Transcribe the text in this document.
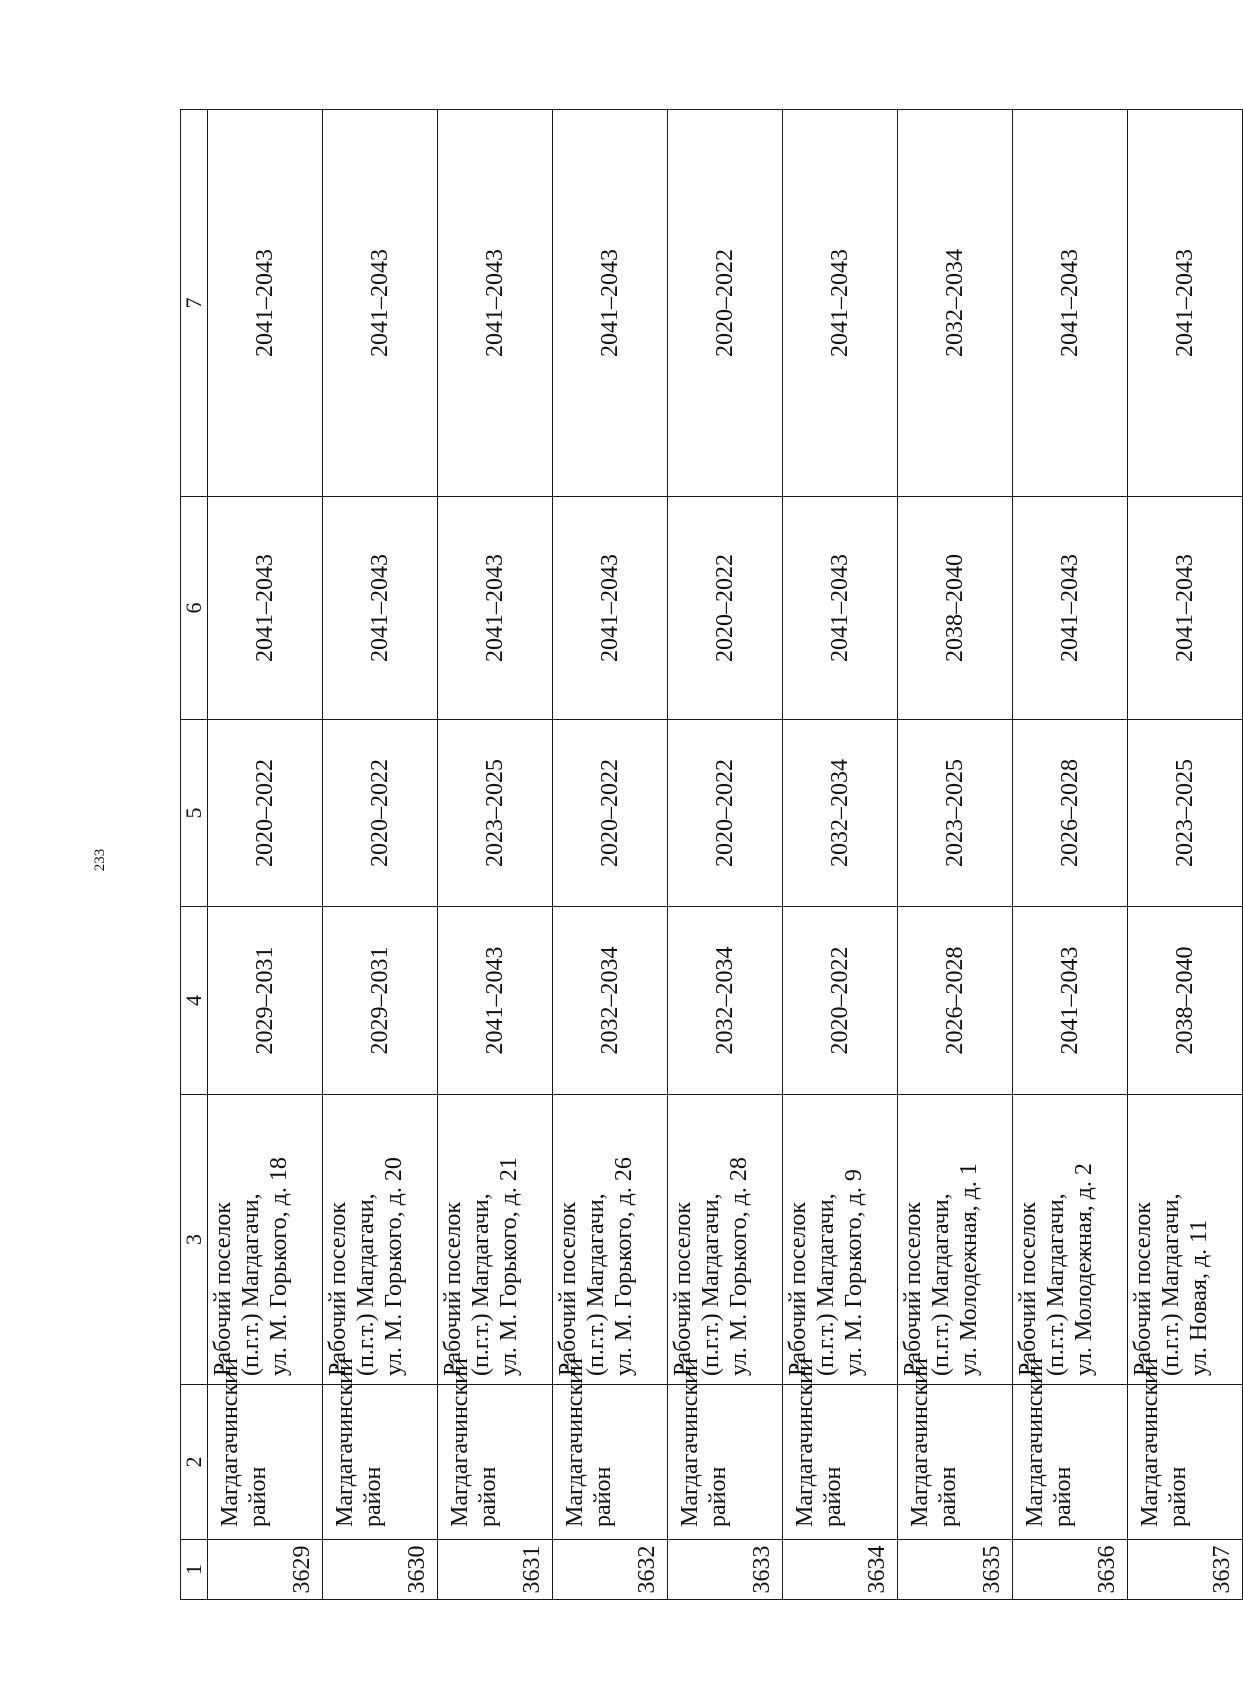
233
1	2	3	4	5	6	7

3629	Магдагачинский район	Рабочий поселок (п.г.т.) Магдагачи, ул. М. Горького, д. 18	2029–2031	2020–2022	2041–2043	2041–2043

3630	Магдагачинский район	Рабочий поселок (п.г.т.) Магдагачи, ул. М. Горького, д. 20	2029–2031	2020–2022	2041–2043	2041–2043

3631	Магдагачинский район	Рабочий поселок (п.г.т.) Магдагачи, ул. М. Горького, д. 21	2041–2043	2023–2025	2041–2043	2041–2043

3632	Магдагачинский район	Рабочий поселок (п.г.т.) Магдагачи, ул. М. Горького, д. 26	2032–2034	2020–2022	2041–2043	2041–2043

3633	Магдагачинский район	Рабочий поселок (п.г.т.) Магдагачи, ул. М. Горького, д. 28	2032–2034	2020–2022	2020–2022	2020–2022

3634	Магдагачинский район	Рабочий поселок (п.г.т.) Магдагачи, ул. М. Горького, д. 9	2020–2022	2032–2034	2041–2043	2041–2043

3635	Магдагачинский район	Рабочий поселок (п.г.т.) Магдагачи, ул. Молодежная, д. 1	2026–2028	2023–2025	2038–2040	2032–2034

3636	Магдагачинский район	Рабочий поселок (п.г.т.) Магдагачи, ул. Молодежная, д. 2	2041–2043	2026–2028	2041–2043	2041–2043

3637	Магдагачинский район	Рабочий поселок (п.г.т.) Магдагачи, ул. Новая, д. 11	2038–2040	2023–2025	2041–2043	2041–2043
